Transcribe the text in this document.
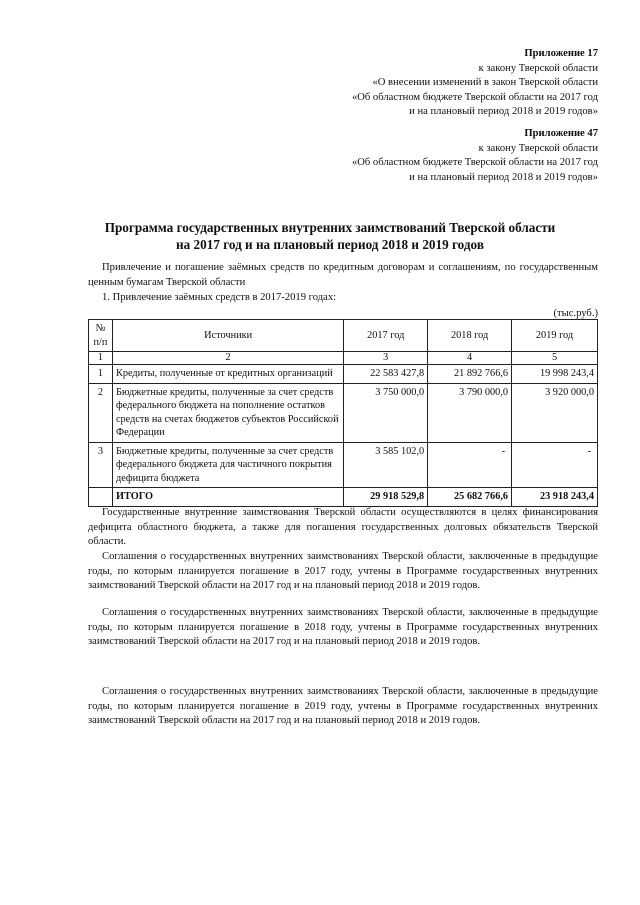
Приложение 17
к закону Тверской области
«О внесении изменений в закон Тверской области
«Об областном бюджете Тверской области на 2017 год
и на плановый период 2018 и 2019 годов»
Приложение 47
к закону Тверской области
«Об областном бюджете Тверской области на 2017 год
и на плановый период 2018 и 2019 годов»
Программа государственных внутренних заимствований Тверской области
на 2017 год и на плановый период 2018 и 2019 годов
Привлечение и погашение заёмных средств по кредитным договорам и соглашениям, по государственным ценным бумагам Тверской области
1. Привлечение заёмных средств в 2017-2019 годах:
(тыс.руб.)
№ п/п	Источники	2017 год	2018 год	2019 год
1	2	3	4	5
1	Кредиты, полученные от кредитных организаций	22 583 427,8	21 892 766,6	19 998 243,4
2	Бюджетные кредиты, полученные за счет средств федерального бюджета на пополнение остатков средств на счетах бюджетов субъектов Российской Федерации	3 750 000,0	3 790 000,0	3 920 000,0
3	Бюджетные кредиты, полученные за счет средств федерального бюджета для частичного покрытия дефицита бюджета	3 585 102,0	-	-
	ИТОГО	29 918 529,8	25 682 766,6	23 918 243,4
Государственные внутренние заимствования Тверской области осуществляются в целях финансирования дефицита областного бюджета, а также для погашения государственных долговых обязательств Тверской области.
Соглашения о государственных внутренних заимствованиях Тверской области, заключенные в предыдущие годы, по которым планируется погашение в 2017 году, учтены в Программе государственных внутренних заимствований Тверской области на 2017 год и на плановый период 2018 и 2019 годов.
Соглашения о государственных внутренних заимствованиях Тверской области, заключенные в предыдущие годы, по которым планируется погашение в 2018 году, учтены в Программе государственных внутренних заимствований Тверской области на 2017 год и на плановый период 2018 и 2019 годов.
Соглашения о государственных внутренних заимствованиях Тверской области, заключенные в предыдущие годы, по которым планируется погашение в 2019 году, учтены в Программе государственных внутренних заимствований Тверской области на 2017 год и на плановый период 2018 и 2019 годов.
